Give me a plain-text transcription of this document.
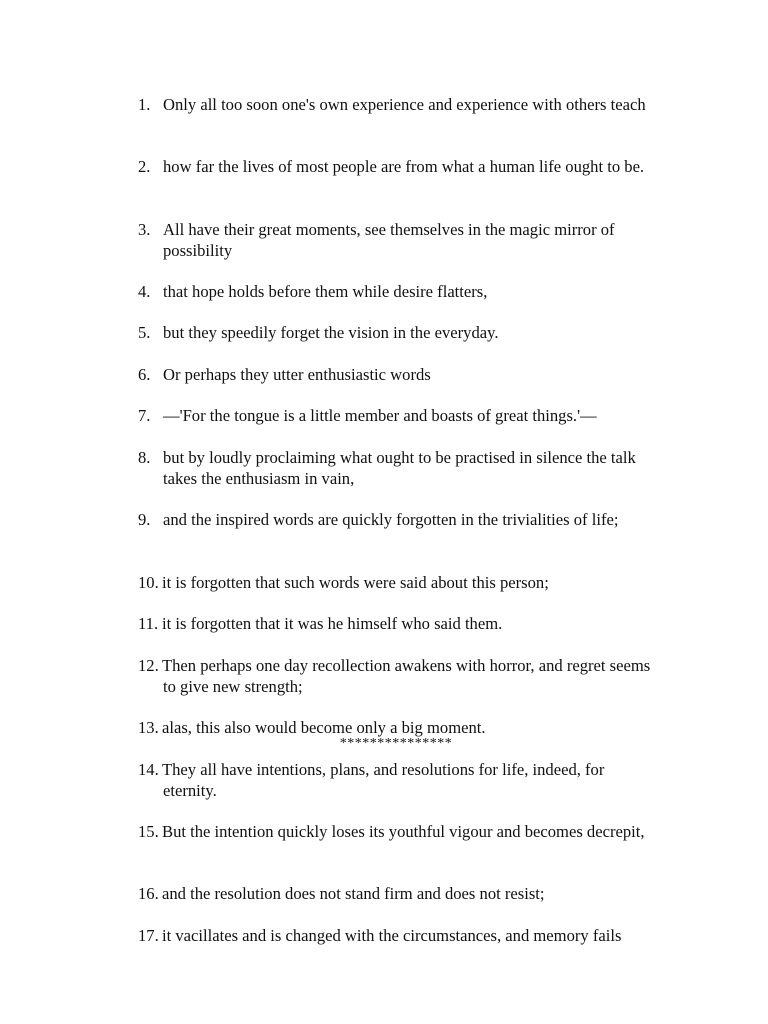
1. Only all too soon one's own experience and experience with others teach
2. how far the lives of most people are from what a human life ought to be.
3. All have their great moments, see themselves in the magic mirror of possibility
4. that hope holds before them while desire flatters,
5. but they speedily forget the vision in the everyday.
6. Or perhaps they utter enthusiastic words
7. —'For the tongue is a little member and boasts of great things.'—
8. but by loudly proclaiming what ought to be practised in silence the talk takes the enthusiasm in vain,
9. and the inspired words are quickly forgotten in the trivialities of life;
10. it is forgotten that such words were said about this person;
11. it is forgotten that it was he himself who said them.
12. Then perhaps one day recollection awakens with horror, and regret seems to give new strength;
13. alas, this also would become only a big moment.
***************
14. They all have intentions, plans, and resolutions for life, indeed, for eternity.
15. But the intention quickly loses its youthful vigour and becomes decrepit,
16. and the resolution does not stand firm and does not resist;
17. it vacillates and is changed with the circumstances, and memory fails
